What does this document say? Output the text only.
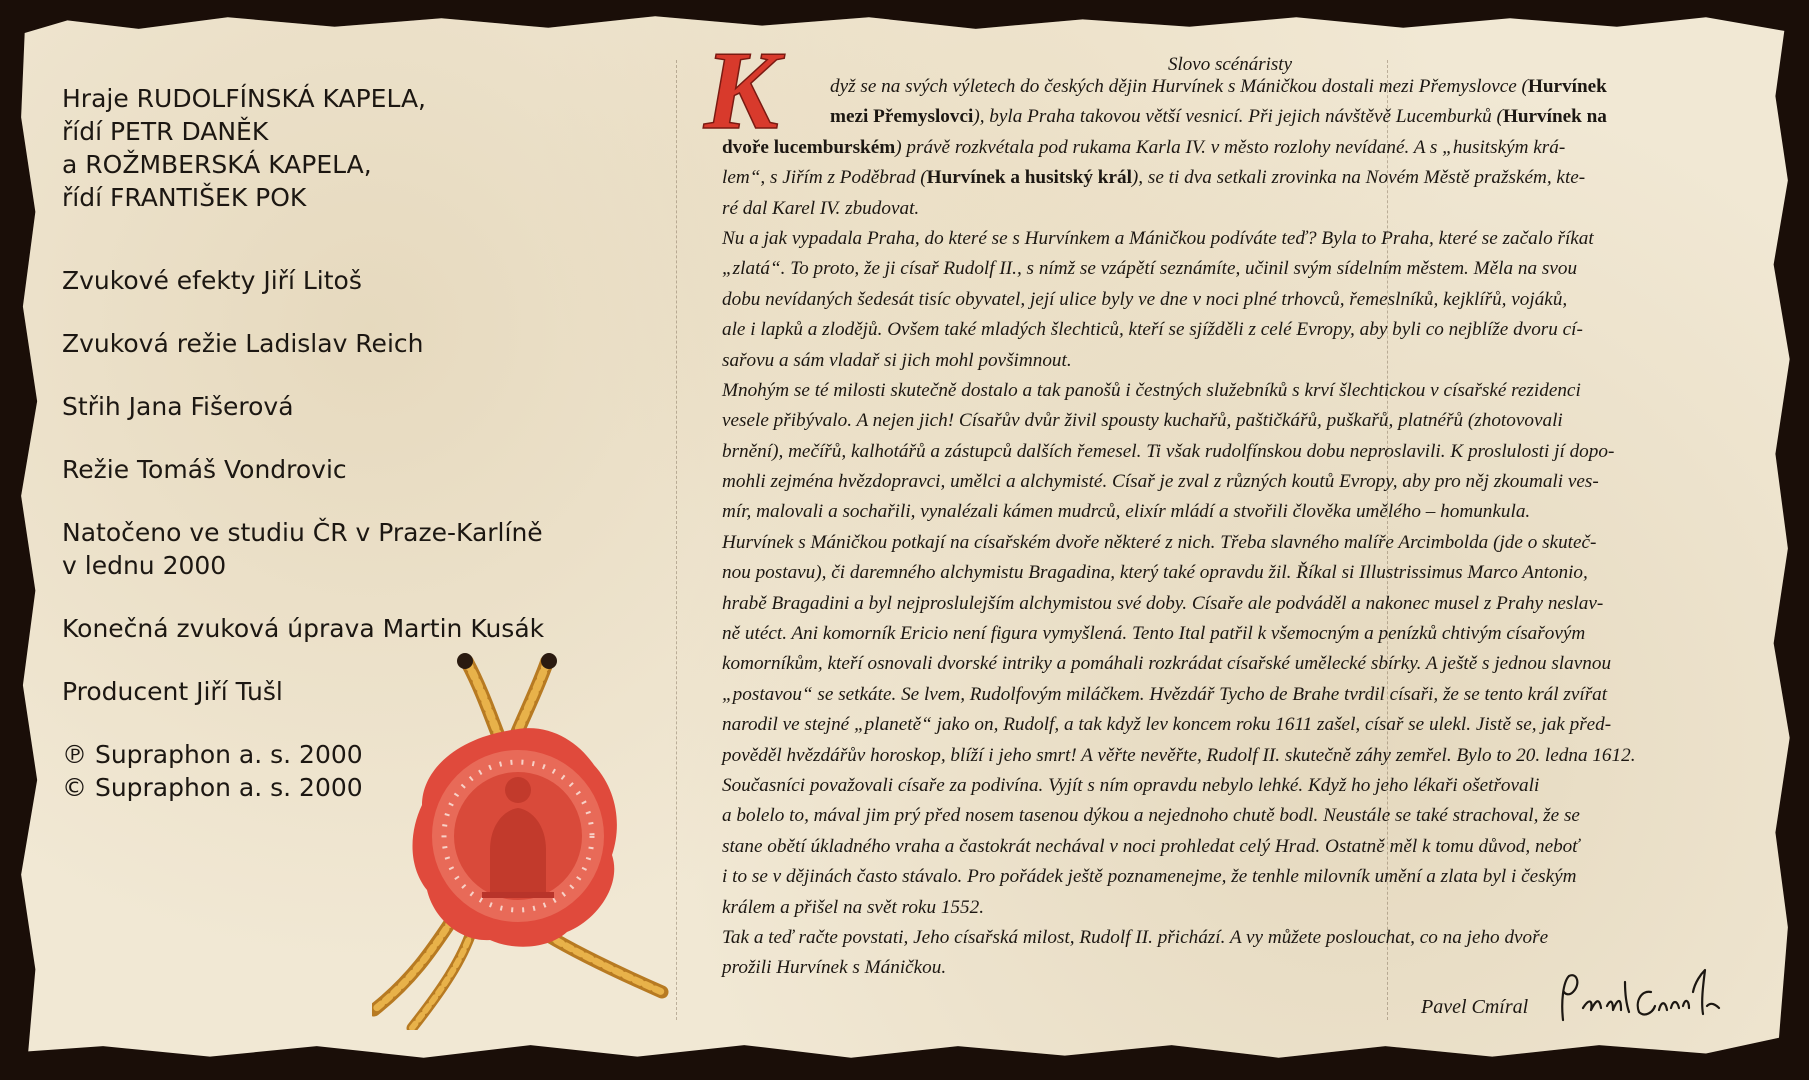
Hraje RUDOLFÍNSKÁ KAPELA,
řídí PETR DANĚK
a ROŽMBERSKÁ KAPELA,
řídí FRANTIŠEK POK
Zvukové efekty Jiří Litoš
Zvuková režie Ladislav Reich
Střih Jana Fišerová
Režie Tomáš Vondrovic
Natočeno ve studiu ČR v Praze-Karlíně
v lednu 2000
Konečná zvuková úprava Martin Kusák
Producent Jiří Tušl
℗ Supraphon a. s. 2000
© Supraphon a. s. 2000
Slovo scénáristy
K	dyž se na svých výletech do českých dějin Hurvínek s Máničkou dostali mezi Přemyslovce (Hurvínek
mezi Přemyslovci), byla Praha takovou větší vesnicí. Při jejich návštěvě Lucemburků (Hurvínek na
dvoře lucemburském) právě rozkvétala pod rukama Karla IV. v město rozlohy nevídané. A s „husitským krá-
lem“, s Jiřím z Poděbrad (Hurvínek a husitský král), se ti dva setkali zrovinka na Novém Městě pražském, kte-
ré dal Karel IV. zbudovat.
Nu a jak vypadala Praha, do které se s Hurvínkem a Máničkou podíváte teď? Byla to Praha, které se začalo říkat
„zlatá“. To proto, že ji císař Rudolf II., s nímž se vzápětí seznámíte, učinil svým sídelním městem. Měla na svou
dobu nevídaných šedesát tisíc obyvatel, její ulice byly ve dne v noci plné trhovců, řemeslníků, kejklířů, vojáků,
ale i lapků a zlodějů. Ovšem také mladých šlechticů, kteří se sjížděli z celé Evropy, aby byli co nejblíže dvoru cí-
sařovu a sám vladař si jich mohl povšimnout.
Mnohým se té milosti skutečně dostalo a tak panošů i čestných služebníků s krví šlechtickou v císařské rezidenci
vesele přibývalo. A nejen jich! Císařův dvůr živil spousty kuchařů, paštičkářů, puškařů, platnéřů (zhotovovali
brnění), mečířů, kalhotářů a zástupců dalších řemesel. Ti však rudolfínskou dobu neproslavili. K proslulosti jí dopo-
mohli zejména hvězdopravci, umělci a alchymisté. Císař je zval z různých koutů Evropy, aby pro něj zkoumali ves-
mír, malovali a sochařili, vynalézali kámen mudrců, elixír mládí a stvořili člověka umělého – homunkula.
Hurvínek s Máničkou potkají na císařském dvoře některé z nich. Třeba slavného malíře Arcimbolda (jde o skuteč-
nou postavu), či daremného alchymistu Bragadina, který také opravdu žil. Říkal si Illustrissimus Marco Antonio,
hrabě Bragadini a byl nejproslulejším alchymistou své doby. Císaře ale podváděl a nakonec musel z Prahy neslav-
ně utéct. Ani komorník Ericio není figura vymyšlená. Tento Ital patřil k všemocným a penízků chtivým císařovým
komorníkům, kteří osnovali dvorské intriky a pomáhali rozkrádat císařské umělecké sbírky. A ještě s jednou slavnou
„postavou“ se setkáte. Se lvem, Rudolfovým miláčkem. Hvězdář Tycho de Brahe tvrdil císaři, že se tento král zvířat
narodil ve stejné „planetě“ jako on, Rudolf, a tak když lev koncem roku 1611 zašel, císař se ulekl. Jistě se, jak před-
pověděl hvězdářův horoskop, blíží i jeho smrt! A věřte nevěřte, Rudolf II. skutečně záhy zemřel. Bylo to 20. ledna 1612.
Současníci považovali císaře za podivína. Vyjít s ním opravdu nebylo lehké. Když ho jeho lékaři ošetřovali
a bolelo to, mával jim prý před nosem tasenou dýkou a nejednoho chutě bodl. Neustále se také strachoval, že se
stane obětí úkladného vraha a častokrát nechával v noci prohledat celý Hrad. Ostatně měl k tomu důvod, neboť
i to se v dějinách často stávalo. Pro pořádek ještě poznamenejme, že tenhle milovník umění a zlata byl i českým
králem a přišel na svět roku 1552.
Tak a teď račte povstati, Jeho císařská milost, Rudolf II. přichází. A vy můžete poslouchat, co na jeho dvoře
prožili Hurvínek s Máničkou.
Pavel Cmíral
